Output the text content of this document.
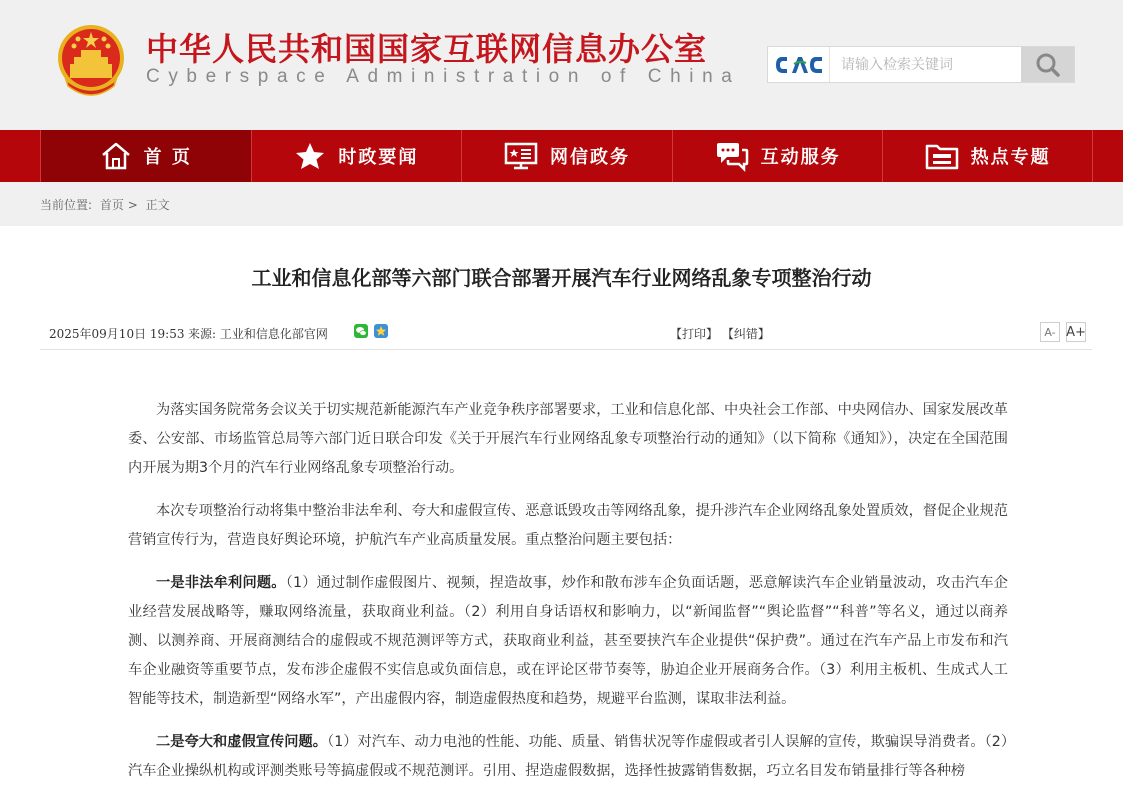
中华人民共和国国家互联网信息办公室
Cyberspace Administration of China
请输入检索关键词
首 页	时政要闻	网信政务	互动服务	热点专题
当前位置: 首页 > 正文
工业和信息化部等六部门联合部署开展汽车行业网络乱象专项整治行动
2025年09月10日 19:53 来源: 工业和信息化部官网	【打印】 【纠错】	A- A+

为落实国务院常务会议关于切实规范新能源汽车产业竞争秩序部署要求，工业和信息化部、中央社会工作部、中央网信办、国家发展改革委、公安部、市场监管总局等六部门近日联合印发《关于开展汽车行业网络乱象专项整治行动的通知》（以下简称《通知》），决定在全国范围内开展为期3个月的汽车行业网络乱象专项整治行动。

本次专项整治行动将集中整治非法牟利、夸大和虚假宣传、恶意诋毁攻击等网络乱象，提升涉汽车企业网络乱象处置质效，督促企业规范营销宣传行为，营造良好舆论环境，护航汽车产业高质量发展。重点整治问题主要包括：

一是非法牟利问题。（1）通过制作虚假图片、视频，捏造故事，炒作和散布涉车企负面话题，恶意解读汽车企业销量波动，攻击汽车企业经营发展战略等，赚取网络流量，获取商业利益。（2）利用自身话语权和影响力，以“新闻监督”“舆论监督”“科普”等名义，通过以商养测、以测养商、开展商测结合的虚假或不规范测评等方式，获取商业利益，甚至要挟汽车企业提供“保护费”。通过在汽车产品上市发布和汽车企业融资等重要节点，发布涉企虚假不实信息或负面信息，或在评论区带节奏等，胁迫企业开展商务合作。（3）利用主板机、生成式人工智能等技术，制造新型“网络水军”，产出虚假内容，制造虚假热度和趋势，规避平台监测，谋取非法利益。

二是夸大和虚假宣传问题。（1）对汽车、动力电池的性能、功能、质量、销售状况等作虚假或者引人误解的宣传，欺骗误导消费者。（2）汽车企业操纵机构或评测类账号等搞虚假或不规范测评。引用、捏造虚假数据，选择性披露销售数据，巧立名目发布销量排行等各种榜
